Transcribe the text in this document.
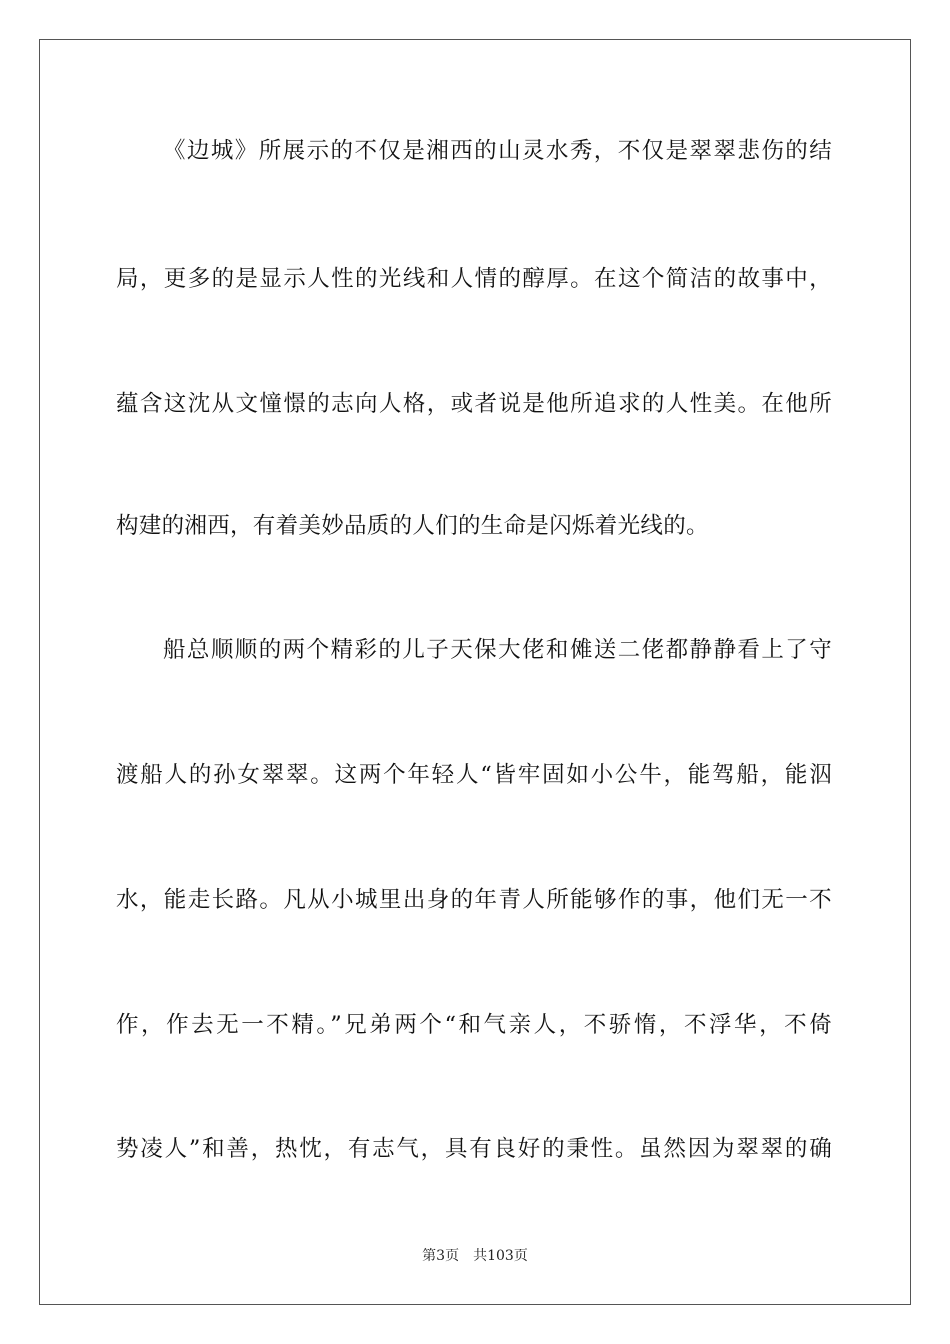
《边城》所展示的不仅是湘西的山灵水秀，不仅是翠翠悲伤的结
局，更多的是显示人性的光线和人情的醇厚。在这个简洁的故事中，
蕴含这沈从文憧憬的志向人格，或者说是他所追求的人性美。在他所
构建的湘西，有着美妙品质的人们的生命是闪烁着光线的。
船总顺顺的两个精彩的儿子天保大佬和傩送二佬都静静看上了守
渡船人的孙女翠翠。这两个年轻人“皆牢固如小公牛，能驾船，能泅
水，能走长路。凡从小城里出身的年青人所能够作的事，他们无一不
作，作去无一不精。”兄弟两个“和气亲人，不骄惰，不浮华，不倚
势凌人”和善，热忱，有志气，具有良好的秉性。虽然因为翠翠的确
第3页 共103页
